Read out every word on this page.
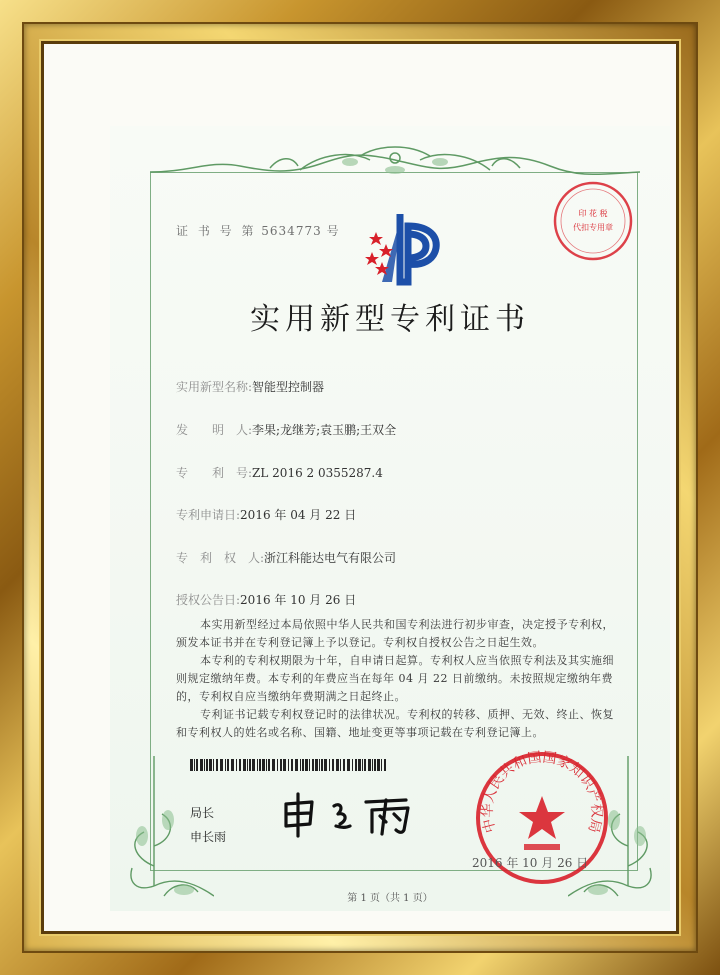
证 书 号 第 5634773 号
印 花 税
代扣专用章
实用新型专利证书
实用新型名称:智能型控制器
发　　明　人:李果;龙继芳;袁玉鹏;王双全
专　　利　号:ZL 2016 2 0355287.4
专利申请日:2016 年 04 月 22 日
专　利　权　人:浙江科能达电气有限公司
授权公告日:2016 年 10 月 26 日

本实用新型经过本局依照中华人民共和国专利法进行初步审查，决定授予专利权，颁发本证书并在专利登记簿上予以登记。专利权自授权公告之日起生效。

本专利的专利权期限为十年，自申请日起算。专利权人应当依照专利法及其实施细则规定缴纳年费。本专利的年费应当在每年 04 月 22 日前缴纳。未按照规定缴纳年费的，专利权自应当缴纳年费期满之日起终止。

专利证书记载专利权登记时的法律状况。专利权的转移、质押、无效、终止、恢复和专利权人的姓名或名称、国籍、地址变更等事项记载在专利登记簿上。

局长
申长雨
中华人民共和国国家知识产权局
2016 年 10 月 26 日
第 1 页（共 1 页）
